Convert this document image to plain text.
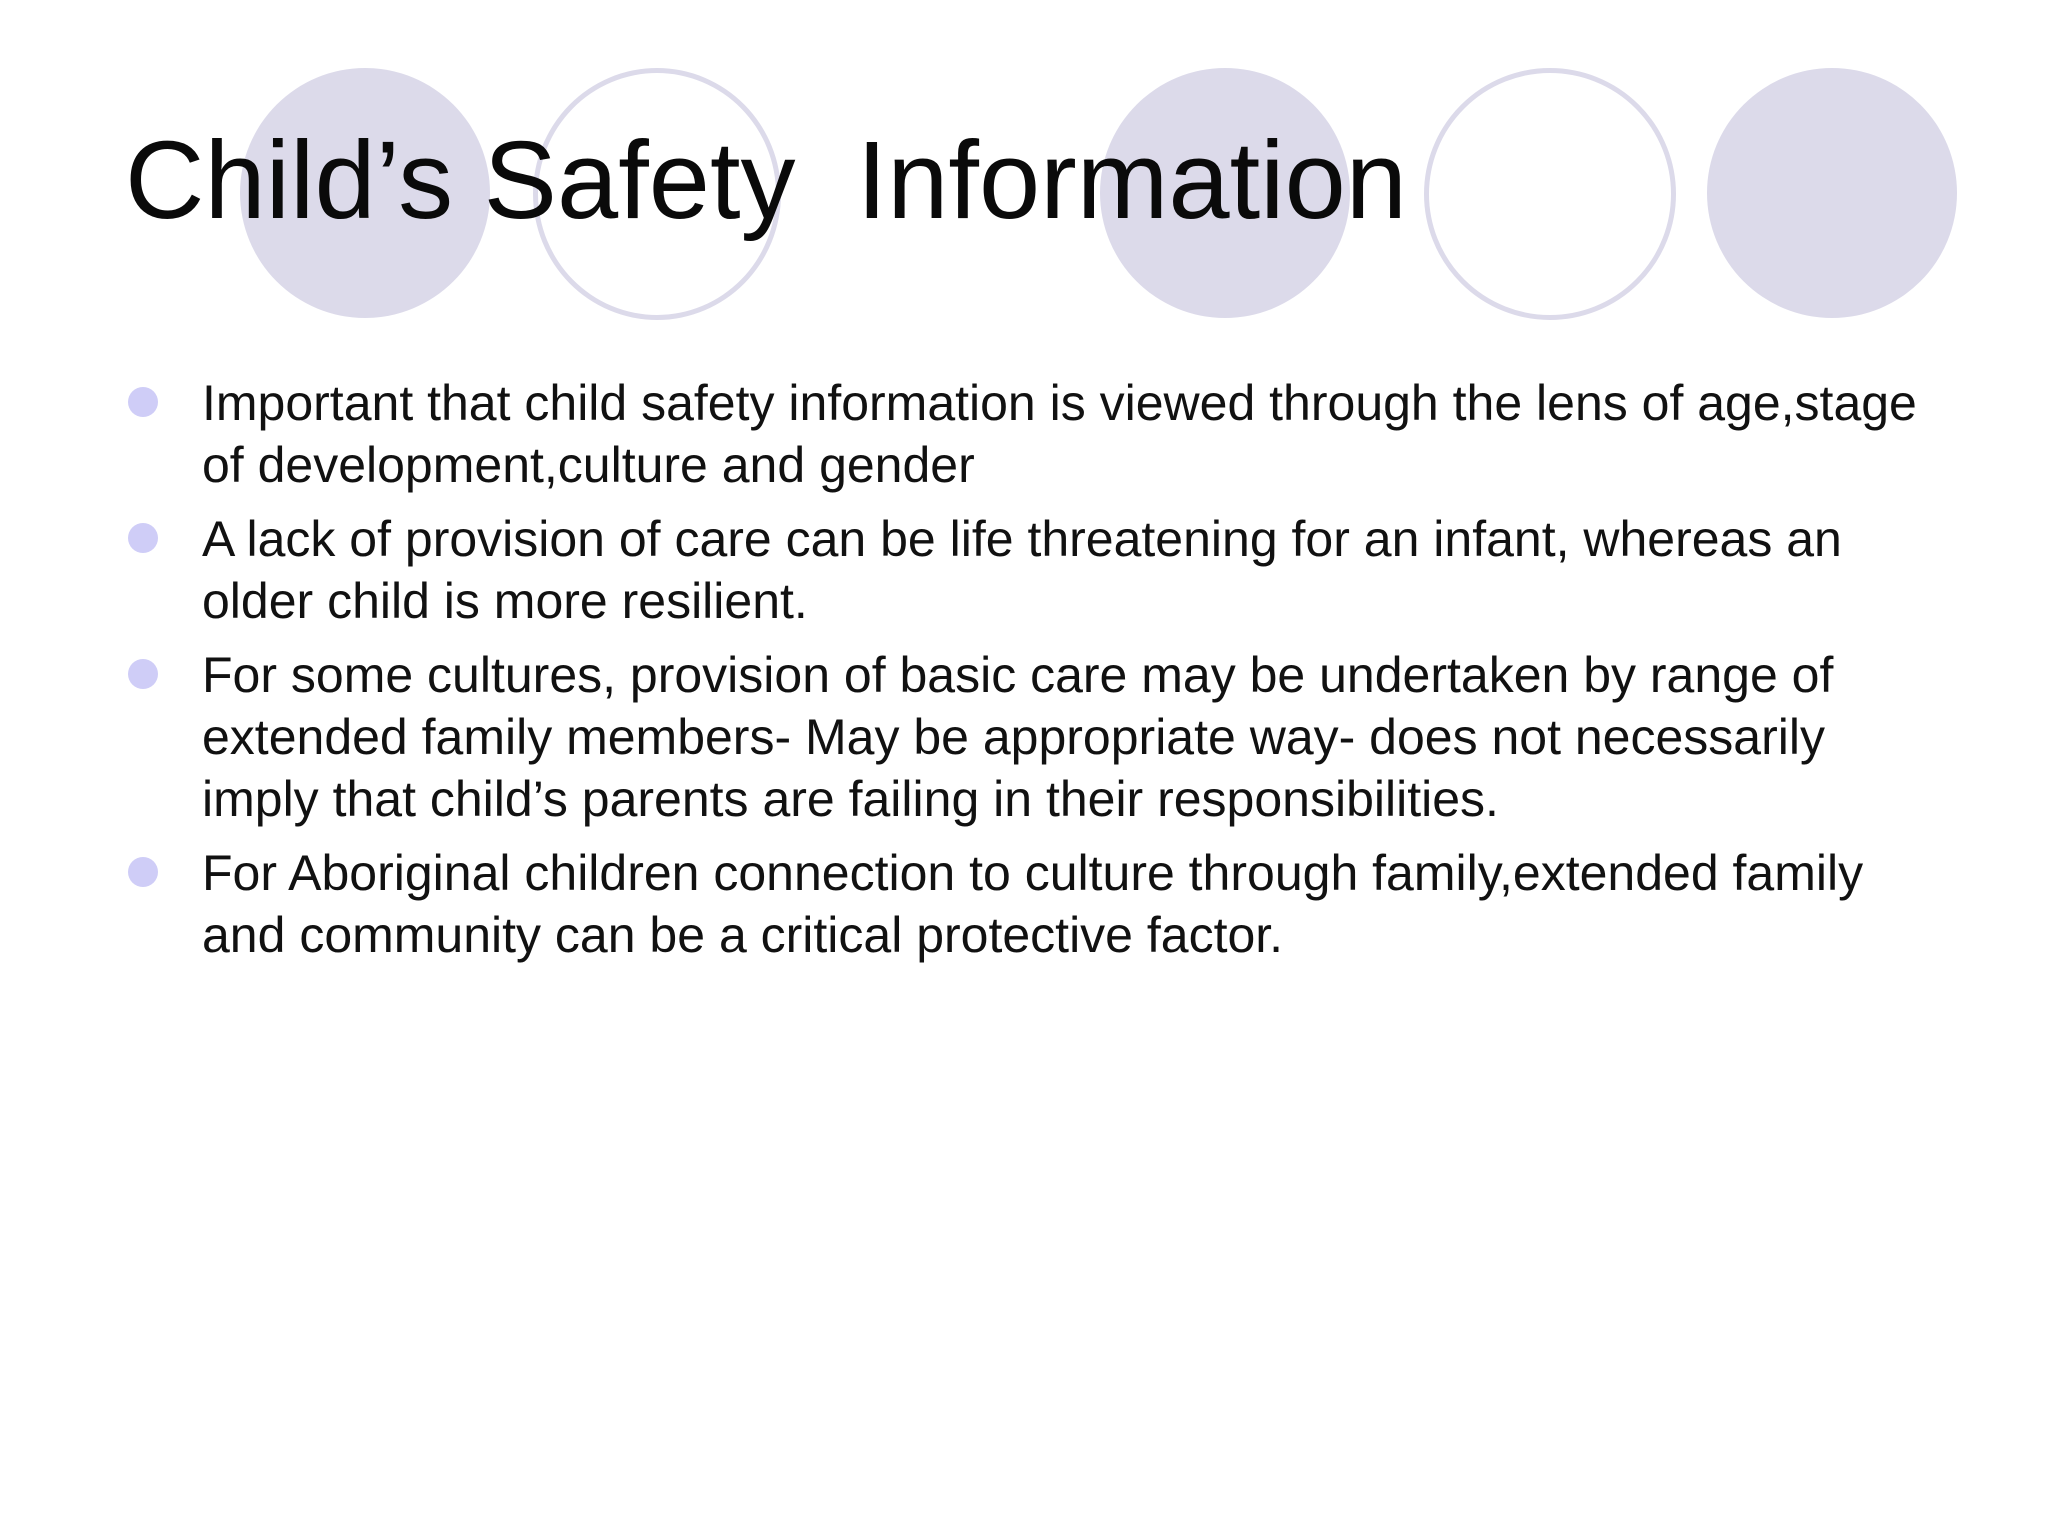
Child’s Safety  Information
Important that child safety information is viewed through the lens of age,stage of development,culture and gender
A lack of provision of care can be life threatening for an infant, whereas an older child is more resilient.
For some cultures, provision of basic care may be undertaken by range of extended family members- May be appropriate way- does not necessarily imply that child’s parents are failing in their responsibilities.
For Aboriginal children connection to culture through family,extended family and community can be a critical protective factor.
